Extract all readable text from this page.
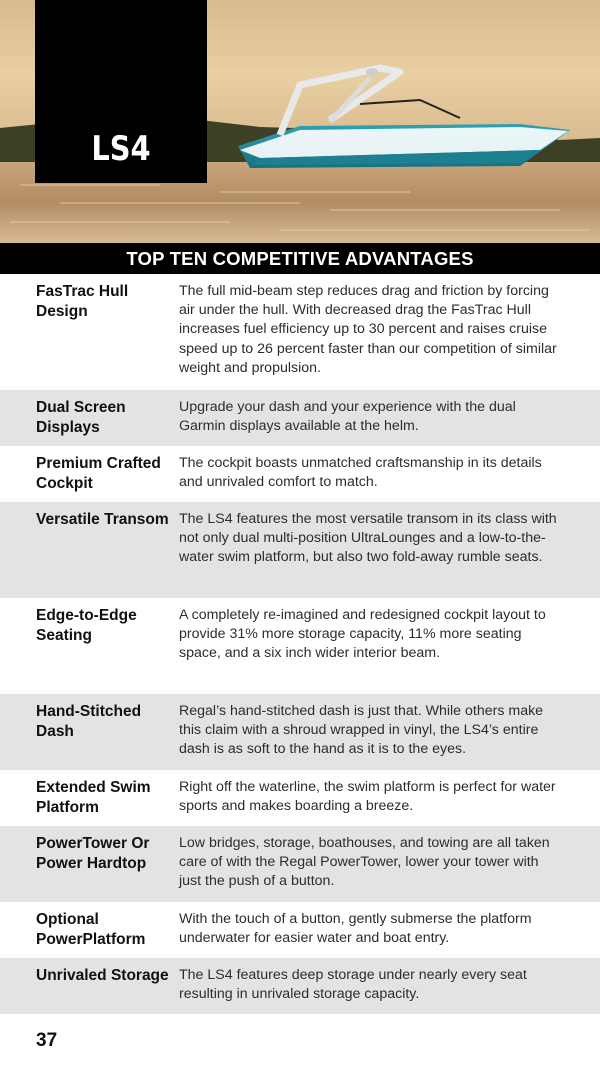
LS4
TOP TEN COMPETITIVE ADVANTAGES
FasTrac Hull Design
The full mid-beam step reduces drag and friction by forcing air under the hull. With decreased drag the FasTrac Hull increases fuel efficiency up to 30 percent and raises cruise speed up to 26 percent faster than our competition of similar weight and propulsion.
Dual Screen Displays
Upgrade your dash and your experience with the dual Garmin displays available at the helm.
Premium Crafted Cockpit
The cockpit boasts unmatched craftsmanship in its details and unrivaled comfort to match.
Versatile Transom The LS4 features the most versatile transom in its class with not only dual multi-position UltraLounges and a low-to-the-water swim platform, but also two fold-away rumble seats.
Edge-to-Edge Seating
A completely re-imagined and redesigned cockpit layout to provide 31% more storage capacity, 11% more seating space, and a six inch wider interior beam.
Hand-Stitched Dash
Regal’s hand-stitched dash is just that. While others make this claim with a shroud wrapped in vinyl, the LS4’s entire dash is as soft to the hand as it is to the eyes.
Extended Swim Platform
Right off the waterline, the swim platform is perfect for water sports and makes boarding a breeze.
PowerTower Or Power Hardtop
Low bridges, storage, boathouses, and towing are all taken care of with the Regal PowerTower, lower your tower with just the push of a button.
Optional PowerPlatform
With the touch of a button, gently submerse the platform underwater for easier water and boat entry.
Unrivaled Storage The LS4 features deep storage under nearly every seat resulting in unrivaled storage capacity.
37
